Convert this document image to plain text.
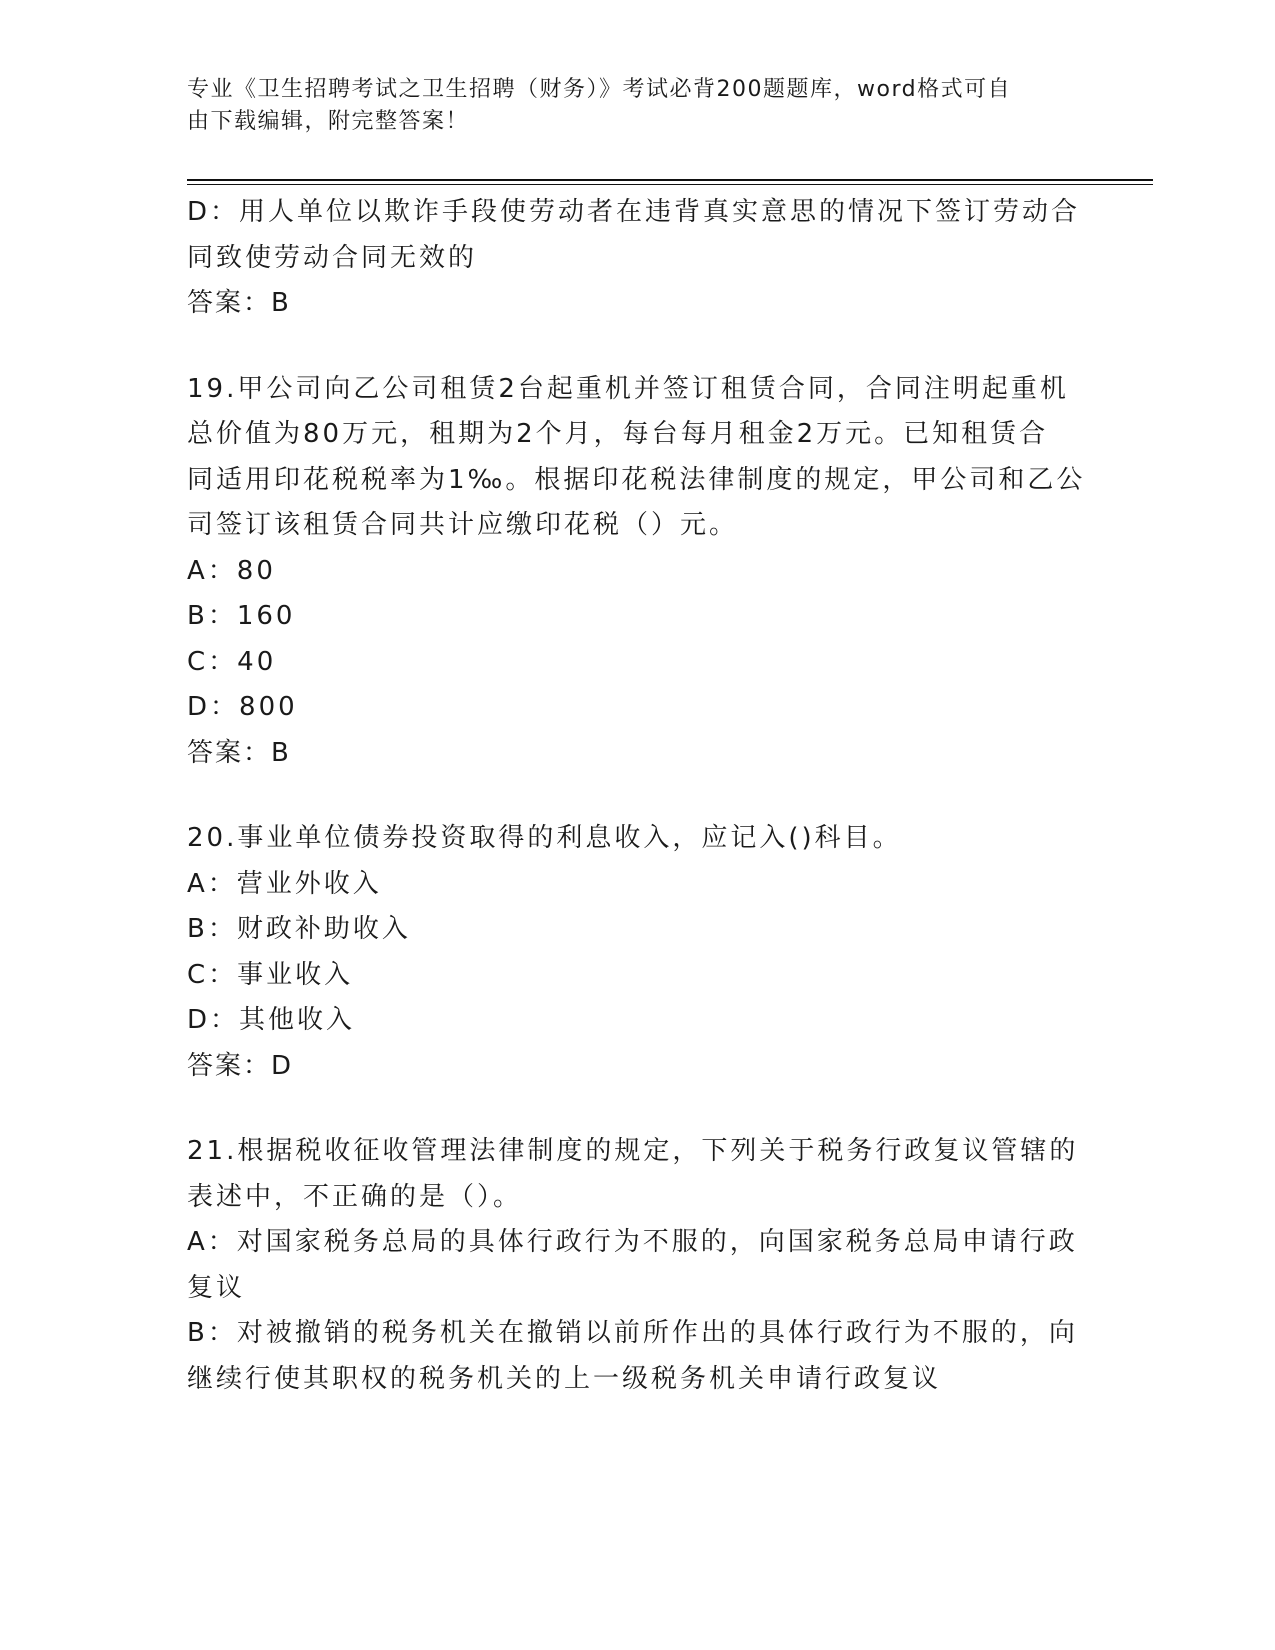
专业《卫生招聘考试之卫生招聘（财务）》考试必背200题题库，word格式可自
由下载编辑，附完整答案！

D：用人单位以欺诈手段使劳动者在违背真实意思的情况下签订劳动合

同致使劳动合同无效的

答案：B

19.甲公司向乙公司租赁2台起重机并签订租赁合同，合同注明起重机

总价值为80万元，租期为2个月，每台每月租金2万元。已知租赁合

同适用印花税税率为1‰。根据印花税法律制度的规定，甲公司和乙公

司签订该租赁合同共计应缴印花税（）元。

A：80

B：160

C：40

D：800

答案：B

20.事业单位债券投资取得的利息收入，应记入()科目。

A：营业外收入

B：财政补助收入

C：事业收入

D：其他收入

答案：D

21.根据税收征收管理法律制度的规定，下列关于税务行政复议管辖的

表述中，不正确的是（）。

A：对国家税务总局的具体行政行为不服的，向国家税务总局申请行政

复议

B：对被撤销的税务机关在撤销以前所作出的具体行政行为不服的，向

继续行使其职权的税务机关的上一级税务机关申请行政复议
